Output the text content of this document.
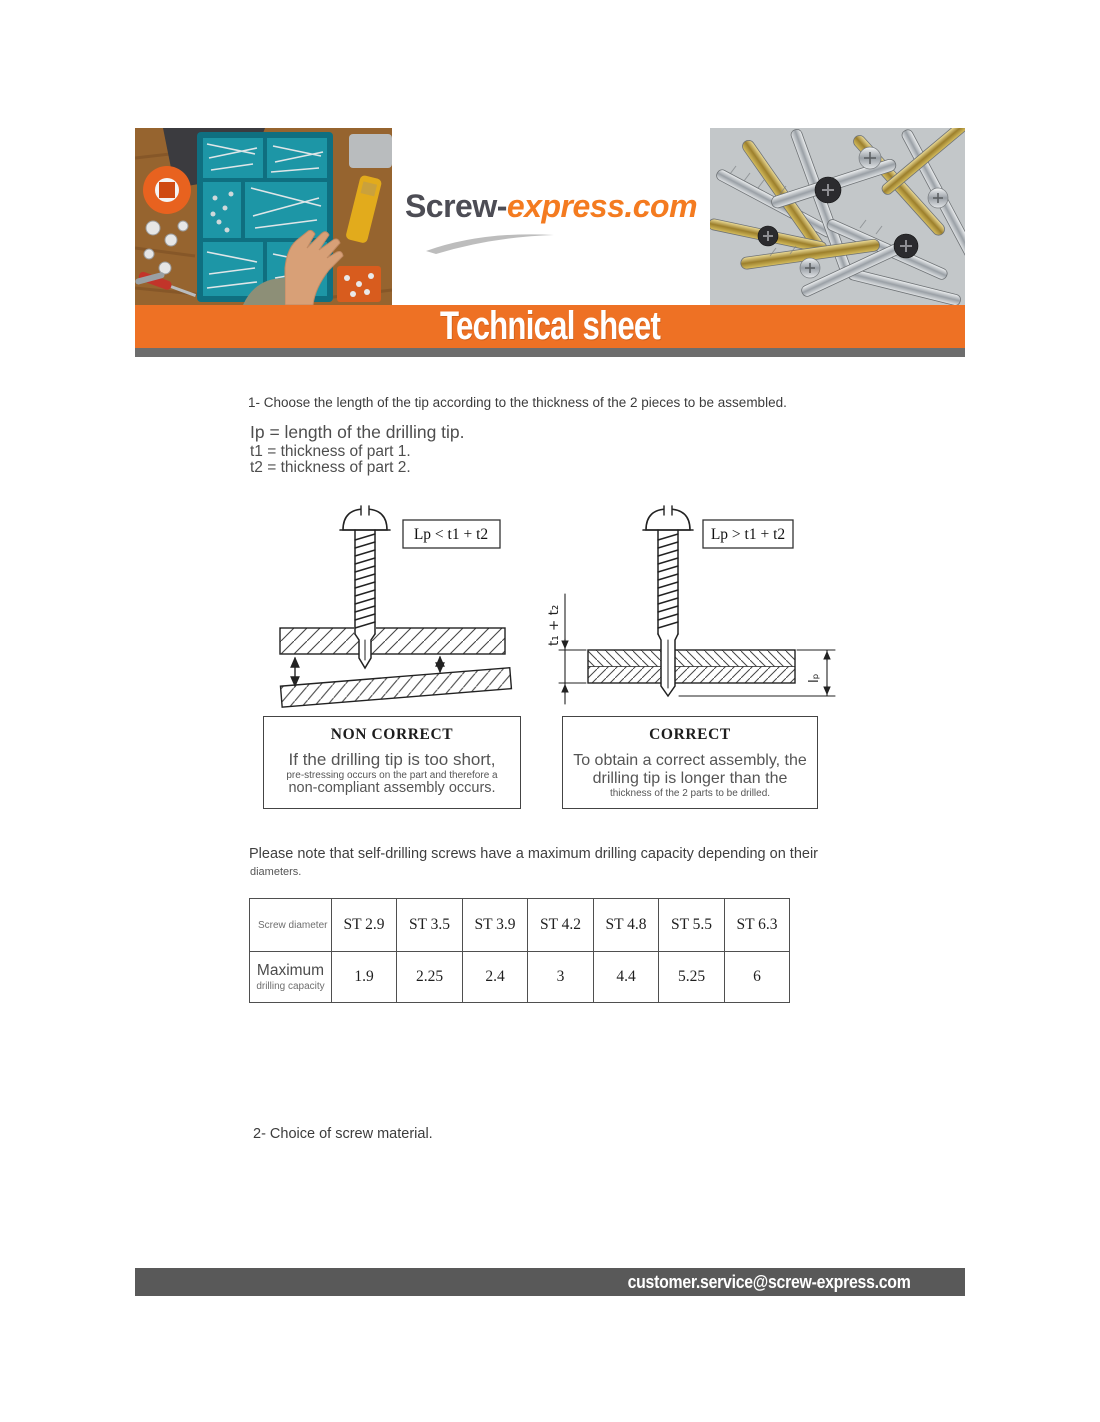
Screw-express.com
Technical sheet
1- Choose the length of the tip according to the thickness of the 2 pieces to be assembled.
Ip = length of the drilling tip.
t1 = thickness of part 1.
t2 = thickness of part 2.
Lp < t1 + t2
t₁ + t₂
lₚ
Lp > t1 + t2
NON CORRECT
If the drilling tip is too short,
pre-stressing occurs on the part and therefore a
non-compliant assembly occurs.
CORRECT
To obtain a correct assembly, the
drilling tip is longer than the
thickness of the 2 parts to be drilled.
Please note that self-drilling screws have a maximum drilling capacity depending on their
diameters.
Screw diameter	ST 2.9	ST 3.5	ST 3.9	ST 4.2	ST 4.8	ST 5.5	ST 6.3

Maximum
drilling capacity	1.9	2.25	2.4	3	4.4	5.25	6
2- Choice of screw material.
customer.service@screw-express.com
